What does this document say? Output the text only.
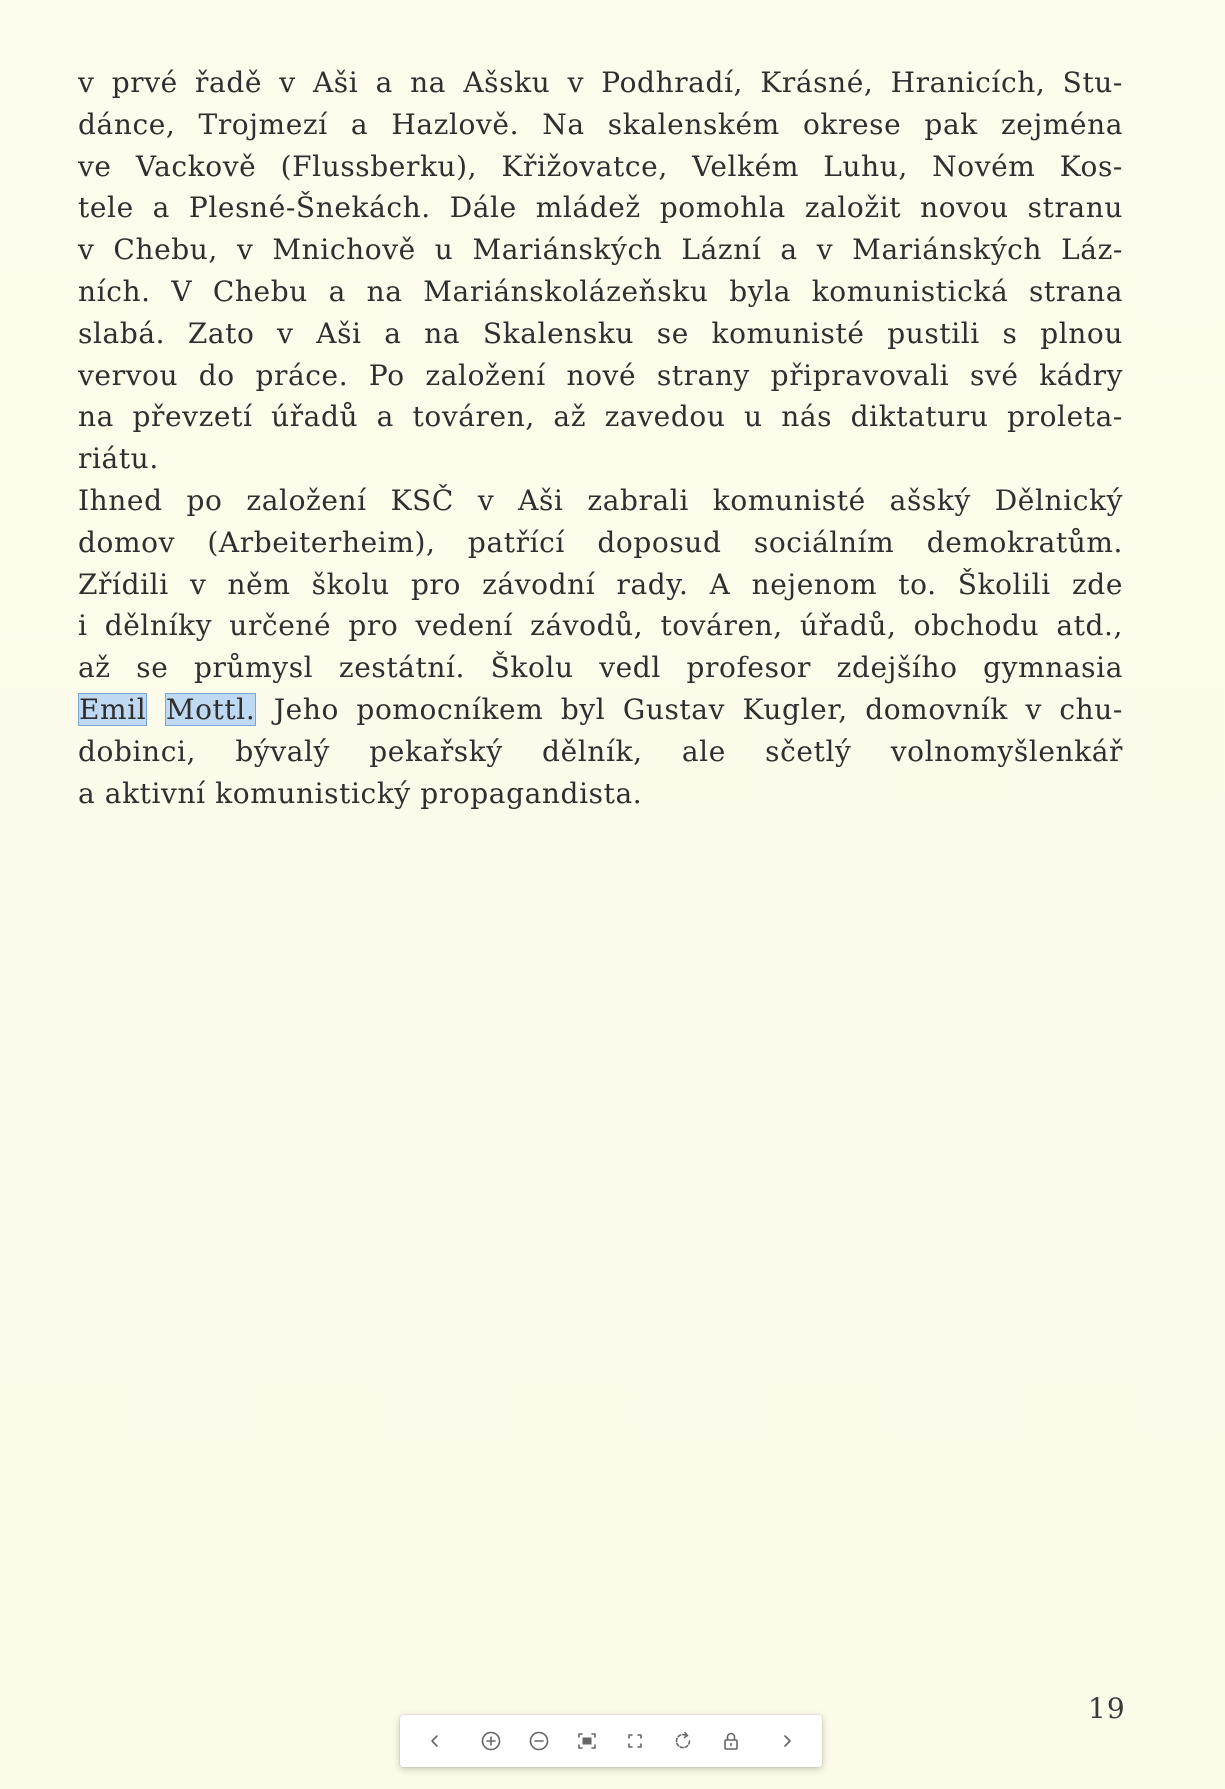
v prvé řadě v Aši a na Ašsku v Podhradí, Krásné, Hranicích, Stu-
dánce, Trojmezí a Hazlově. Na skalenském okrese pak zejména
ve Vackově (Flussberku), Křižovatce, Velkém Luhu, Novém Kos-
tele a Plesné-Šnekách. Dále mládež pomohla založit novou stranu
v Chebu, v Mnichově u Mariánských Lázní a v Mariánských Láz-
ních. V Chebu a na Mariánskolázeňsku byla komunistická strana
slabá. Zato v Aši a na Skalensku se komunisté pustili s plnou
vervou do práce. Po založení nové strany připravovali své kádry
na převzetí úřadů a továren, až zavedou u nás diktaturu proleta-
riátu.

Ihned po založení KSČ v Aši zabrali komunisté ašský Dělnický
domov (Arbeiterheim), patřící doposud sociálním demokratům.
Zřídili v něm školu pro závodní rady. A nejenom to. Školili zde
i dělníky určené pro vedení závodů, továren, úřadů, obchodu atd.,
až se průmysl zestátní. Školu vedl profesor zdejšího gymnasia
Emil Mottl. Jeho pomocníkem byl Gustav Kugler, domovník v chu-
dobinci, bývalý pekařský dělník, ale sčetlý volnomyšlenkář
a aktivní komunistický propagandista.

19
